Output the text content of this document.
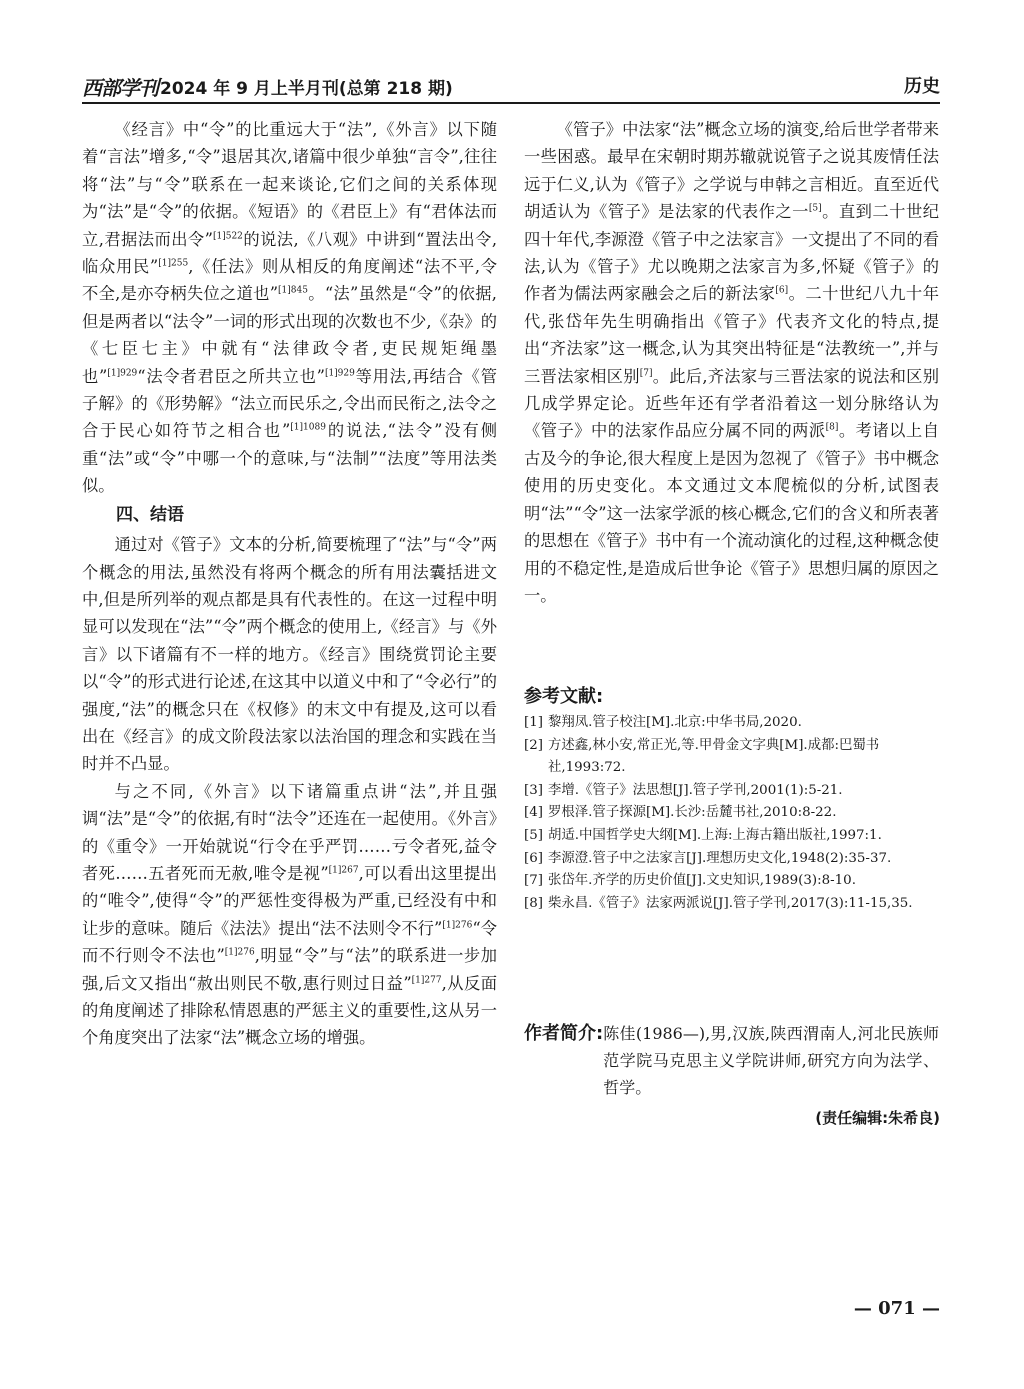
西部学刊 2024 年 9 月上半月刊(总第 218 期)	历史

《经言》中“令”的比重远大于“法”,《外言》以下随着“言法”增多,“令”退居其次,诸篇中很少单独“言令”,往往将“法”与“令”联系在一起来谈论,它们之间的关系体现为“法”是“令”的依据。《短语》的《君臣上》有“君体法而立,君据法而出令”$^{[1]522}$的说法,《八观》中讲到“置法出令,临众用民”$^{[1]255}$,《任法》则从相反的角度阐述“法不平,令不全,是亦夺柄失位之道也”$^{[1]845}$。“法”虽然是“令”的依据,但是两者以“法令”一词的形式出现的次数也不少,《杂》的《七臣七主》中就有“法律政令者,吏民规矩绳墨也”$^{[1]929}$“法令者君臣之所共立也”$^{[1]929}$等用法,再结合《管子解》的《形势解》“法立而民乐之,令出而民衔之,法令之合于民心如符节之相合也”$^{[1]1089}$的说法,“法令”没有侧重“法”或“令”中哪一个的意味,与“法制”“法度”等用法类似。

四、结语

通过对《管子》文本的分析,简要梳理了“法”与“令”两个概念的用法,虽然没有将两个概念的所有用法囊括进文中,但是所列举的观点都是具有代表性的。在这一过程中明显可以发现在“法”“令”两个概念的使用上,《经言》与《外言》以下诸篇有不一样的地方。《经言》围绕赏罚论主要以“令”的形式进行论述,在这其中以道义中和了“令必行”的强度,“法”的概念只在《权修》的末文中有提及,这可以看出在《经言》的成文阶段法家以法治国的理念和实践在当时并不凸显。

与之不同,《外言》以下诸篇重点讲“法”,并且强调“法”是“令”的依据,有时“法令”还连在一起使用。《外言》的《重令》一开始就说“行令在乎严罚……亏令者死,益令者死……五者死而无赦,唯令是视”$^{[1]267}$,可以看出这里提出的“唯令”,使得“令”的严惩性变得极为严重,已经没有中和让步的意味。随后《法法》提出“法不法则令不行”$^{[1]276}$“令而不行则令不法也”$^{[1]276}$,明显“令”与“法”的联系进一步加强,后文又指出“赦出则民不敬,惠行则过日益”$^{[1]277}$,从反面的角度阐述了排除私情恩惠的严惩主义的重要性,这从另一个角度突出了法家“法”概念立场的增强。

《管子》中法家“法”概念立场的演变,给后世学者带来一些困惑。最早在宋朝时期苏辙就说管子之说其废情任法远于仁义,认为《管子》之学说与申韩之言相近。直至近代胡适认为《管子》是法家的代表作之一[5]。直到二十世纪四十年代,李源澄《管子中之法家言》一文提出了不同的看法,认为《管子》尤以晚期之法家言为多,怀疑《管子》的作者为儒法两家融会之后的新法家[6]。二十世纪八九十年代,张岱年先生明确指出《管子》代表齐文化的特点,提出“齐法家”这一概念,认为其突出特征是“法教统一”,并与三晋法家相区别[7]。此后,齐法家与三晋法家的说法和区别几成学界定论。近些年还有学者沿着这一划分脉络认为《管子》中的法家作品应分属不同的两派[8]。考诸以上自古及今的争论,很大程度上是因为忽视了《管子》书中概念使用的历史变化。本文通过文本爬梳似的分析,试图表明“法”“令”这一法家学派的核心概念,它们的含义和所表著的思想在《管子》书中有一个流动演化的过程,这种概念使用的不稳定性,是造成后世争论《管子》思想归属的原因之一。

参考文献:
[1] 黎翔凤.管子校注[M].北京:中华书局,2020.
[2] 方述鑫,林小安,常正光,等.甲骨金文字典[M].成都:巴蜀书社,1993:72.
[3] 李增.《管子》法思想[J].管子学刊,2001(1):5-21.
[4] 罗根泽.管子探源[M].长沙:岳麓书社,2010:8-22.
[5] 胡适.中国哲学史大纲[M].上海:上海古籍出版社,1997:1.
[6] 李源澄.管子中之法家言[J].理想历史文化,1948(2):35-37.
[7] 张岱年.齐学的历史价值[J].文史知识,1989(3):8-10.
[8] 柴永昌.《管子》法家两派说[J].管子学刊,2017(3):11-15,35.
作者简介: 陈佳(1986—),男,汉族,陕西渭南人,河北民族师范学院马克思主义学院讲师,研究方向为法学、哲学。
(责任编辑:朱希良)
— 071 —
